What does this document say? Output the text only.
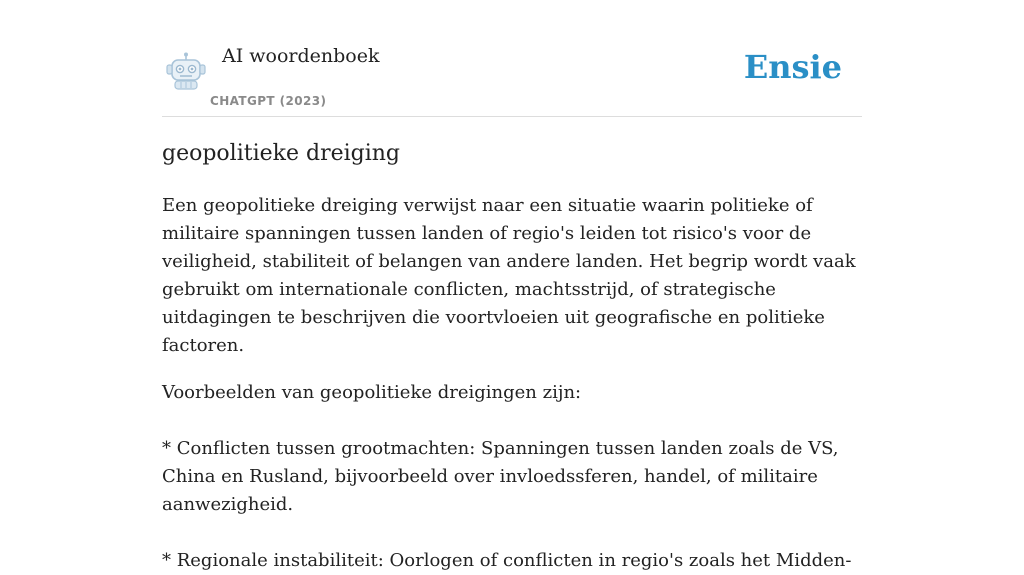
AI woordenboek
CHATGPT (2023)
Ensie
geopolitieke dreiging

Een geopolitieke dreiging verwijst naar een situatie waarin politieke of militaire spanningen tussen landen of regio's leiden tot risico's voor de veiligheid, stabiliteit of belangen van andere landen. Het begrip wordt vaak gebruikt om internationale conflicten, machtsstrijd, of strategische uitdagingen te beschrijven die voortvloeien uit geografische en politieke factoren.

Voorbeelden van geopolitieke dreigingen zijn:

* Conflicten tussen grootmachten: Spanningen tussen landen zoals de VS, China en Rusland, bijvoorbeeld over invloedssferen, handel, of militaire aanwezigheid.

* Regionale instabiliteit: Oorlogen of conflicten in regio's zoals het Midden-
